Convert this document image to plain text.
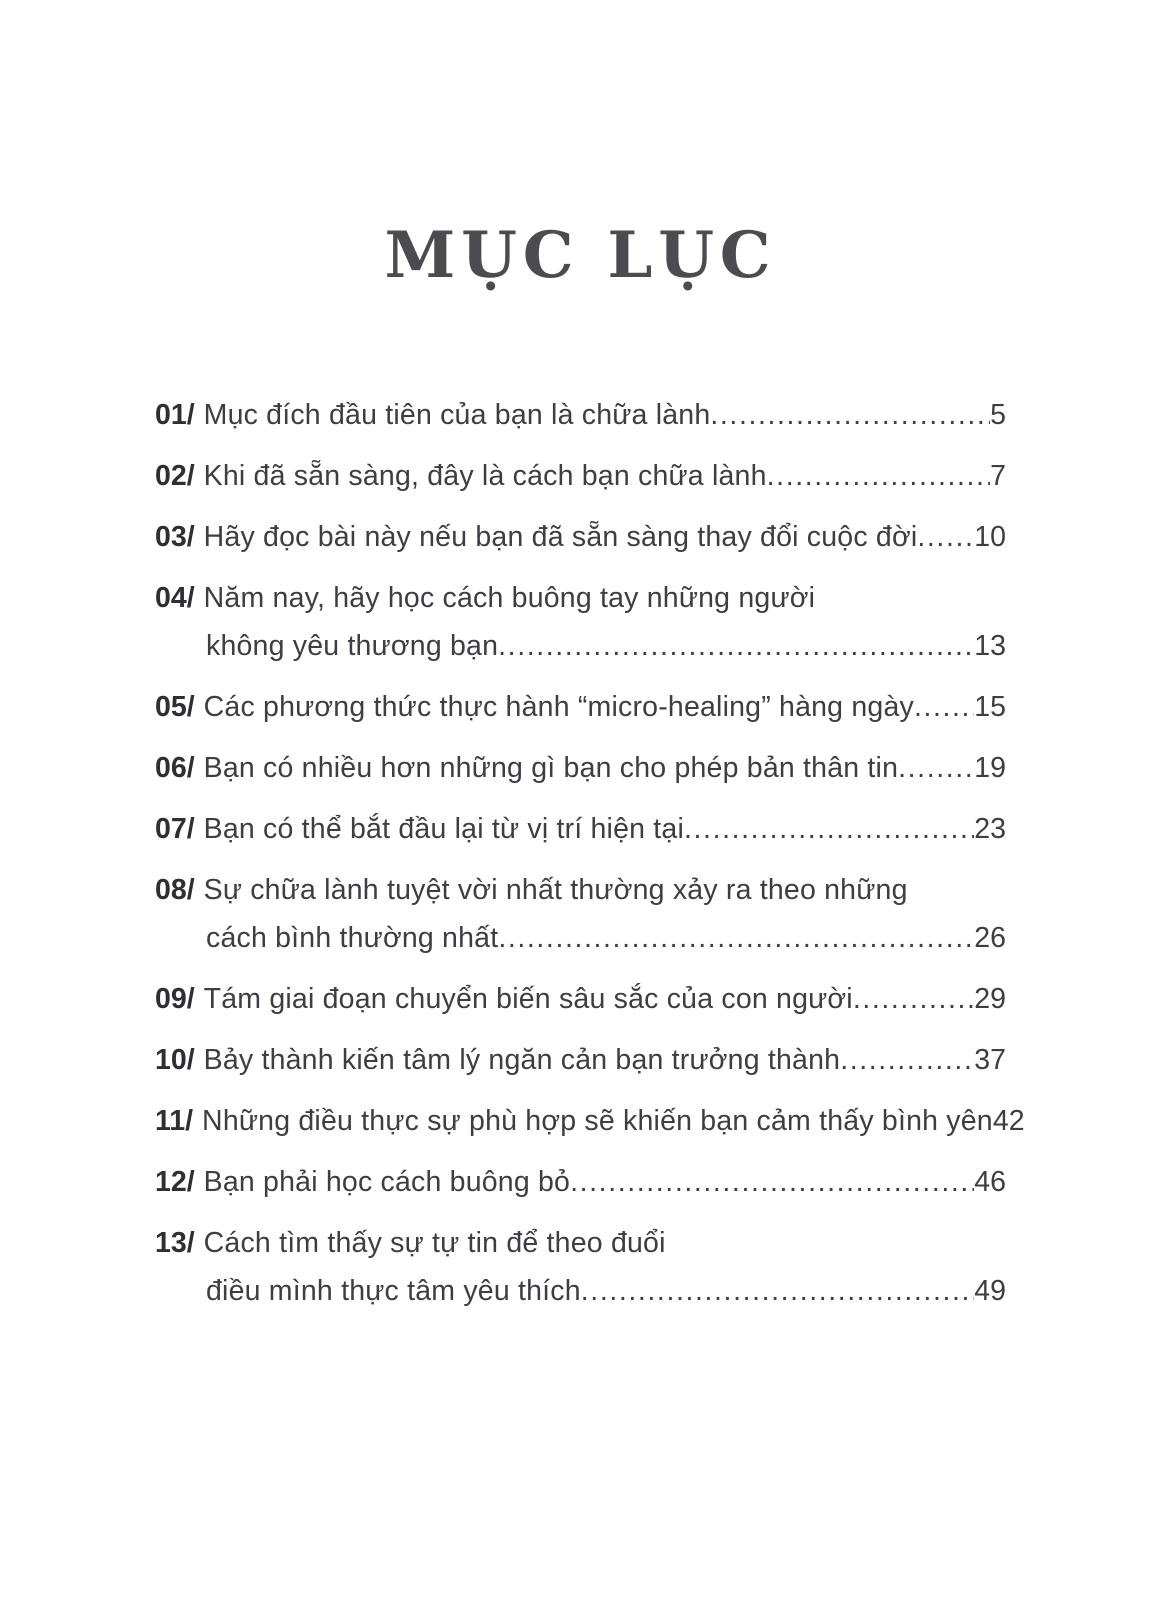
MỤC LỤC
01/ Mục đích đầu tiên của bạn là chữa lành .....	5
02/ Khi đã sẵn sàng, đây là cách bạn chữa lành .....	7
03/ Hãy đọc bài này nếu bạn đã sẵn sàng thay đổi cuộc đời ..... 10
04/ Năm nay, hãy học cách buông tay những người
không yêu thương bạn .....	13
05/ Các phương thức thực hành “micro-healing” hàng ngày ..... 15
06/ Bạn có nhiều hơn những gì bạn cho phép bản thân tin .....	19
07/ Bạn có thể bắt đầu lại từ vị trí hiện tại .....	23
08/ Sự chữa lành tuyệt vời nhất thường xảy ra theo những
cách bình thường nhất .....	26
09/ Tám giai đoạn chuyển biến sâu sắc của con người .....	29
10/ Bảy thành kiến tâm lý ngăn cản bạn trưởng thành .....	37
11/ Những điều thực sự phù hợp sẽ khiến bạn cảm thấy bình yên 42
12/ Bạn phải học cách buông bỏ .....	46
13/ Cách tìm thấy sự tự tin để theo đuổi
điều mình thực tâm yêu thích .....	49
